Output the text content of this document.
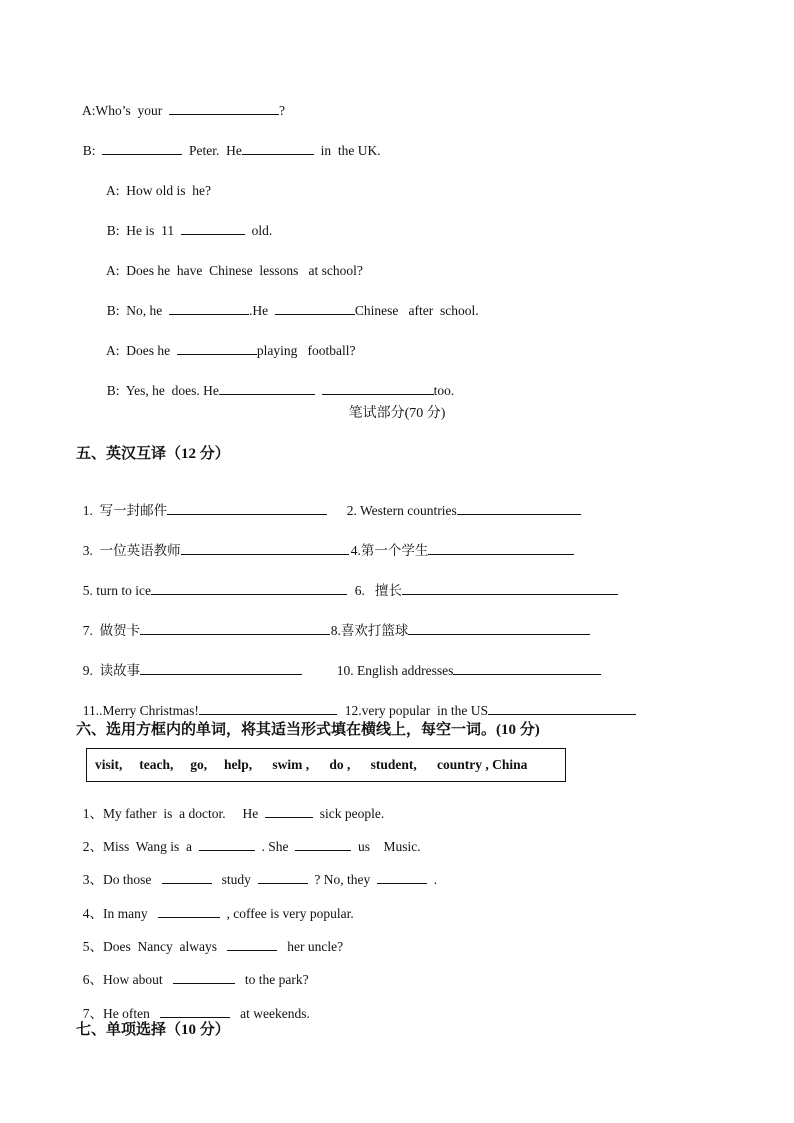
A:Who’s  your	?

B:	Peter.  He	in  the UK.

A:  How old is  he?

B:  He is  11	old.

A:  Does he  have  Chinese  lessons   at school?

B:  No, he	.He	Chinese   after  school.

A:  Does he	playing   football?

B:  Yes, he  does. He	too.

笔试部分(70 分)
五、英汉互译（12 分）

1.  写一封邮件	2. Western countries

3.  一位英语教师	4.第一个学生

5. turn to ice	6.   擅长

7.  做贺卡	8.喜欢打篮球

9.  读故事	10. English addresses

11..Merry Christmas!	12.very popular  in the US

六、选用方框内的单词，将其适当形式填在横线上，每空一词。(10 分)
visit,     teach,     go,     help,      swim ,      do ,      student,      country , China

1、My father  is  a doctor.     He	sick people.

2、Miss  Wang is  a	. She	us    Music.

3、Do those	study	? No, they	.

4、In many	, coffee is very popular.

5、Does  Nancy  always	her uncle?

6、How about	to the park?

7、He often	at weekends.

七、单项选择（10 分）
